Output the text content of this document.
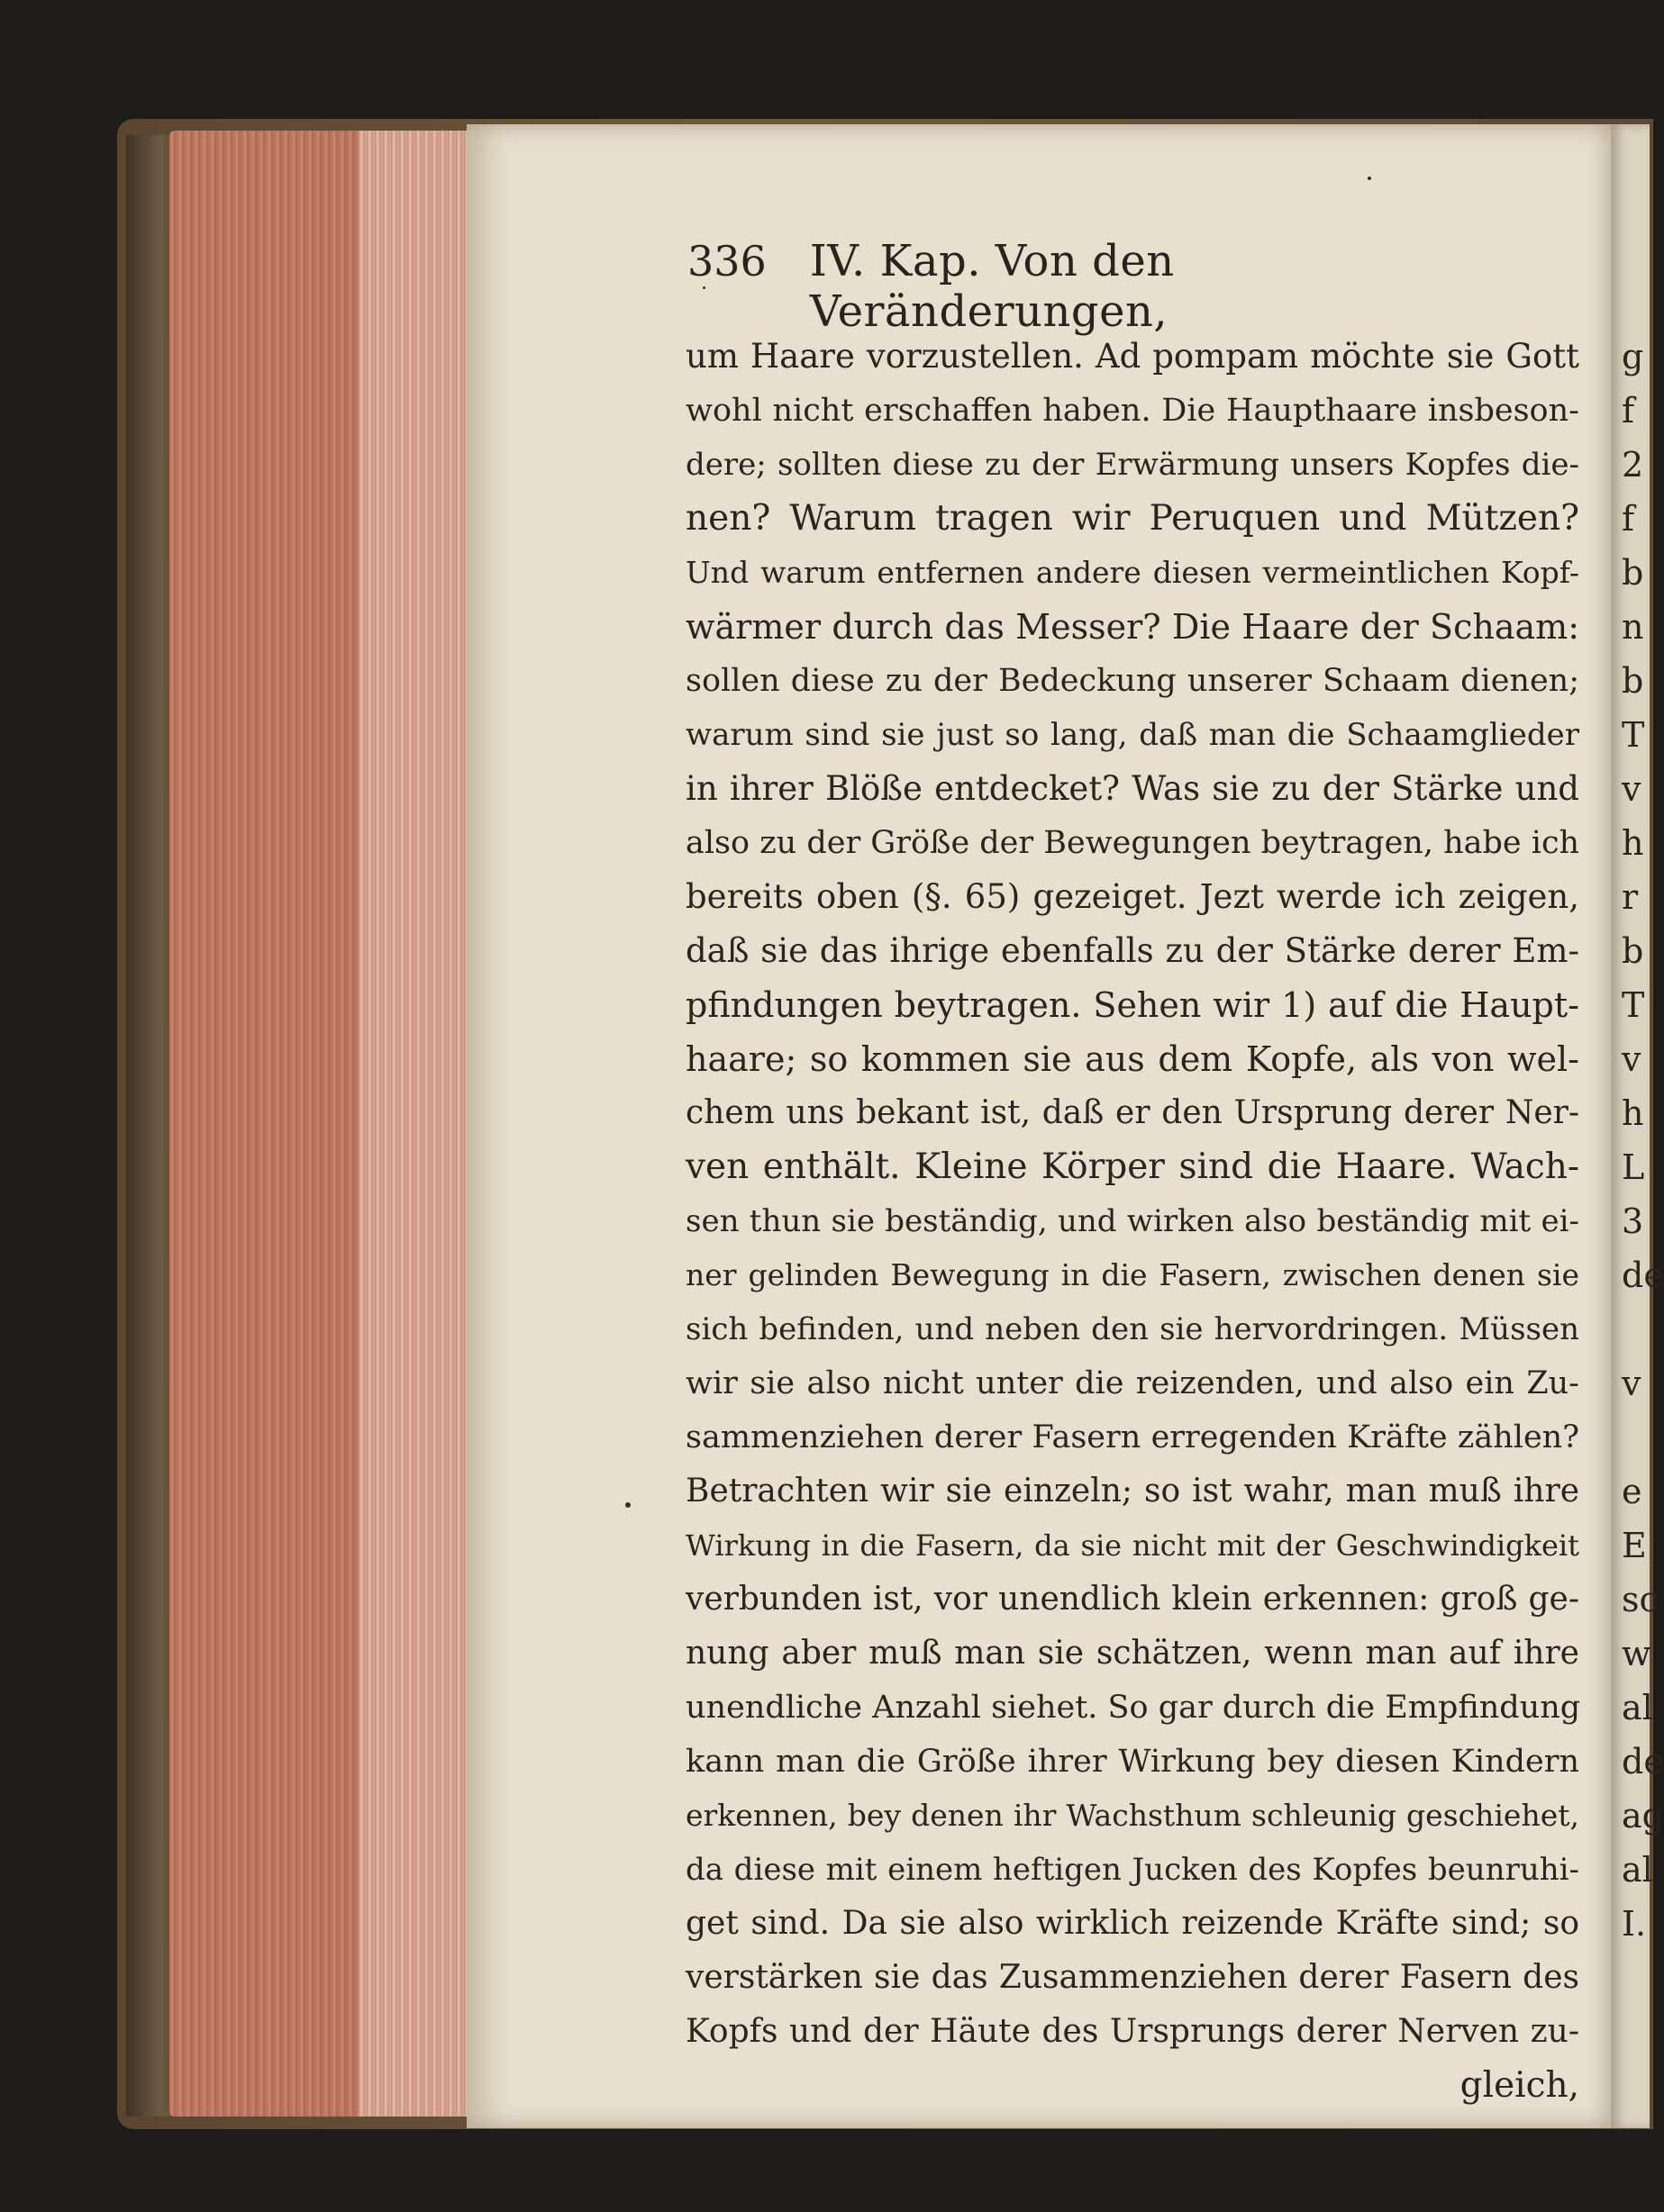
336 IV. Kap. Von den Veränderungen,
um Haare vorzustellen. Ad pompam möchte sie Gott
wohl nicht erschaffen haben. Die Haupthaare insbeson-
dere; sollten diese zu der Erwärmung unsers Kopfes die-
nen? Warum tragen wir Peruquen und Mützen?
Und warum entfernen andere diesen vermeintlichen Kopf-
wärmer durch das Messer? Die Haare der Schaam:
sollen diese zu der Bedeckung unserer Schaam dienen;
warum sind sie just so lang, daß man die Schaamglieder
in ihrer Blöße entdecket? Was sie zu der Stärke und
also zu der Größe der Bewegungen beytragen, habe ich
bereits oben (§. 65) gezeiget. Jezt werde ich zeigen,
daß sie das ihrige ebenfalls zu der Stärke derer Em-
pfindungen beytragen. Sehen wir 1) auf die Haupt-
haare; so kommen sie aus dem Kopfe, als von wel-
chem uns bekant ist, daß er den Ursprung derer Ner-
ven enthält. Kleine Körper sind die Haare. Wach-
sen thun sie beständig, und wirken also beständig mit ei-
ner gelinden Bewegung in die Fasern, zwischen denen sie
sich befinden, und neben den sie hervordringen. Müssen
wir sie also nicht unter die reizenden, und also ein Zu-
sammenziehen derer Fasern erregenden Kräfte zählen?
Betrachten wir sie einzeln; so ist wahr, man muß ihre
Wirkung in die Fasern, da sie nicht mit der Geschwindigkeit
verbunden ist, vor unendlich klein erkennen: groß ge-
nung aber muß man sie schätzen, wenn man auf ihre
unendliche Anzahl siehet. So gar durch die Empfindung
kann man die Größe ihrer Wirkung bey diesen Kindern
erkennen, bey denen ihr Wachsthum schleunig geschiehet,
da diese mit einem heftigen Jucken des Kopfes beunruhi-
get sind. Da sie also wirklich reizende Kräfte sind; so
verstärken sie das Zusammenziehen derer Fasern des
Kopfs und der Häute des Ursprungs derer Nerven zu-
gleich,
g
f
2
f
b
n
b
T
v
h
r
b
T
v
h
L
3
de
v
e
E
sc
w
al
de
ag
al
I.
